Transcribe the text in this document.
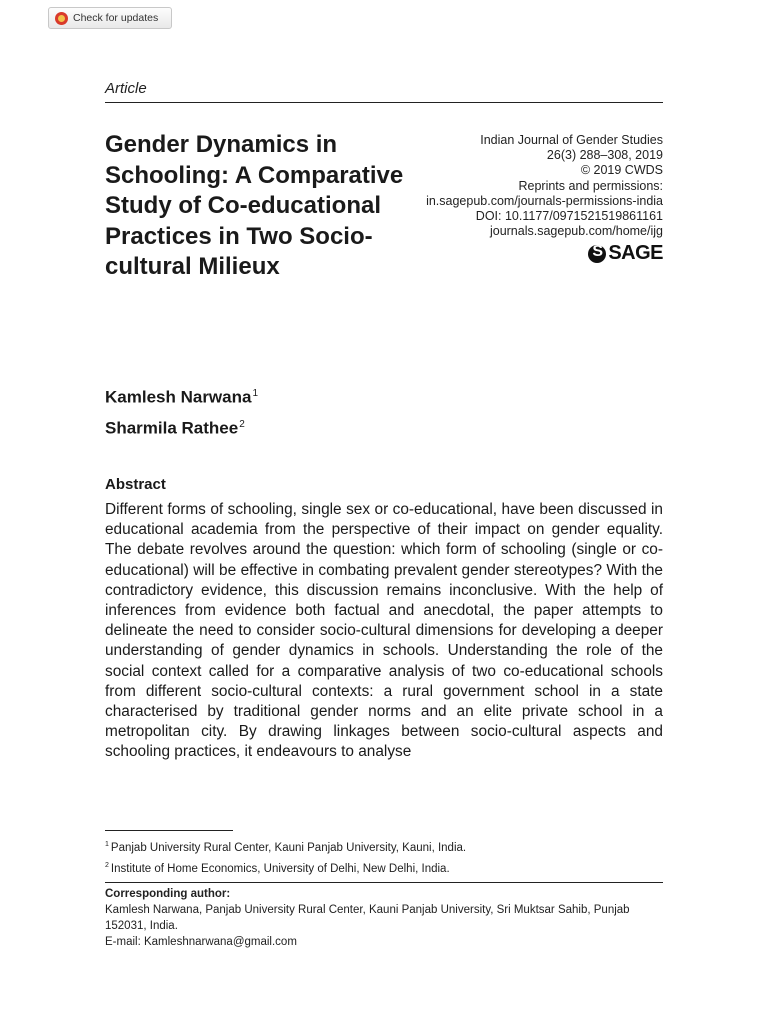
Check for updates
Article
Gender Dynamics in Schooling: A Comparative Study of Co-educational Practices in Two Socio-cultural Milieux
Indian Journal of Gender Studies
26(3) 288–308, 2019
© 2019 CWDS
Reprints and permissions:
in.sagepub.com/journals-permissions-india
DOI: 10.1177/0971521519861161
journals.sagepub.com/home/ijg
S
SAGE
Kamlesh Narwana$^1$
Sharmila Rathee$^2$
Abstract

Different forms of schooling, single sex or co-educational, have been discussed in educational academia from the perspective of their impact on gender equality. The debate revolves around the question: which form of schooling (single or co-educational) will be effective in combating prevalent gender stereotypes? With the contradictory evidence, this discussion remains inconclusive. With the help of inferences from evidence both factual and anecdotal, the paper attempts to delineate the need to consider socio-cultural dimensions for developing a deeper understanding of gender dynamics in schools. Understanding the role of the social context called for a comparative analysis of two co-educational schools from different socio-cultural contexts: a rural government school in a state characterised by traditional gender norms and an elite private school in a metropolitan city. By drawing linkages between socio-cultural aspects and schooling practices, it endeavours to analyse

$^1$ Panjab University Rural Center, Kauni Panjab University, Kauni, India.
$^2$ Institute of Home Economics, University of Delhi, New Delhi, India.
Corresponding author:
Kamlesh Narwana, Panjab University Rural Center, Kauni Panjab University, Sri Muktsar Sahib, Punjab 152031, India.
E-mail: Kamleshnarwana@gmail.com
